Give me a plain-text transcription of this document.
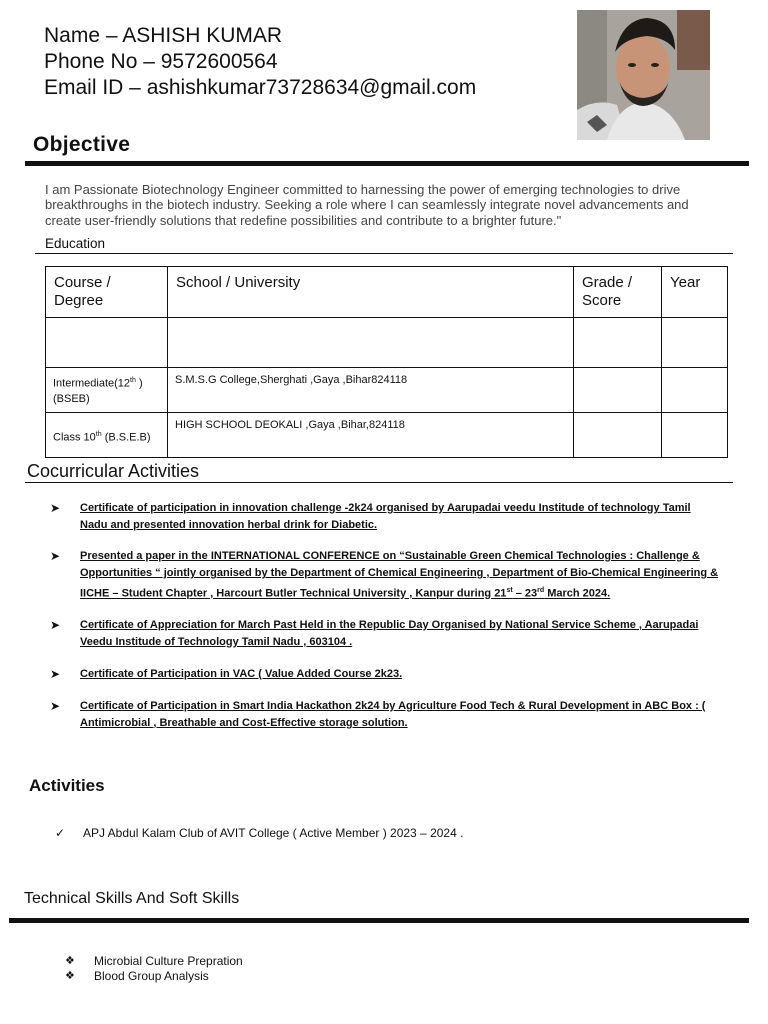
Name – ASHISH KUMAR
Phone No – 9572600564
Email ID – ashishkumar73728634@gmail.com
Objective
I am Passionate Biotechnology Engineer committed to harnessing the power of emerging technologies to drive breakthroughs in the biotech industry. Seeking a role where I can seamlessly integrate novel advancements and create user-friendly solutions that redefine possibilities and contribute to a brighter future."
Education
Course / Degree	School / University	Grade / Score	Year

Intermediate(12th ) (BSEB)	S.M.S.G College,Sherghati ,Gaya ,Bihar824118		
Class 10th (B.S.E.B)	HIGH SCHOOL DEOKALI ,Gaya ,Bihar,824118		
Cocurricular Activities
➤ Certificate of participation in innovation challenge -2k24 organised by Aarupadai veedu Institude of technology Tamil Nadu and presented innovation herbal drink for Diabetic.
➤ Presented a paper in the INTERNATIONAL CONFERENCE on “Sustainable Green Chemical Technologies : Challenge & Opportunities “ jointly organised by the Department of Chemical Engineering , Department of Bio-Chemical Engineering & IICHE – Student Chapter , Harcourt Butler Technical University , Kanpur during 21st – 23rd March 2024.
➤ Certificate of Appreciation for March Past Held in the Republic Day Organised by National Service Scheme , Aarupadai Veedu Institude of Technology Tamil Nadu , 603104 .
➤ Certificate of Participation in VAC ( Value Added Course 2k23.
➤ Certificate of Participation in Smart India Hackathon 2k24 by Agriculture Food Tech & Rural Development in ABC Box : ( Antimicrobial , Breathable and Cost-Effective storage solution.
Activities
✓ APJ Abdul Kalam Club of AVIT College ( Active Member ) 2023 – 2024 .
Technical Skills And Soft Skills
❖ Microbial Culture Prepration
❖ Blood Group Analysis
